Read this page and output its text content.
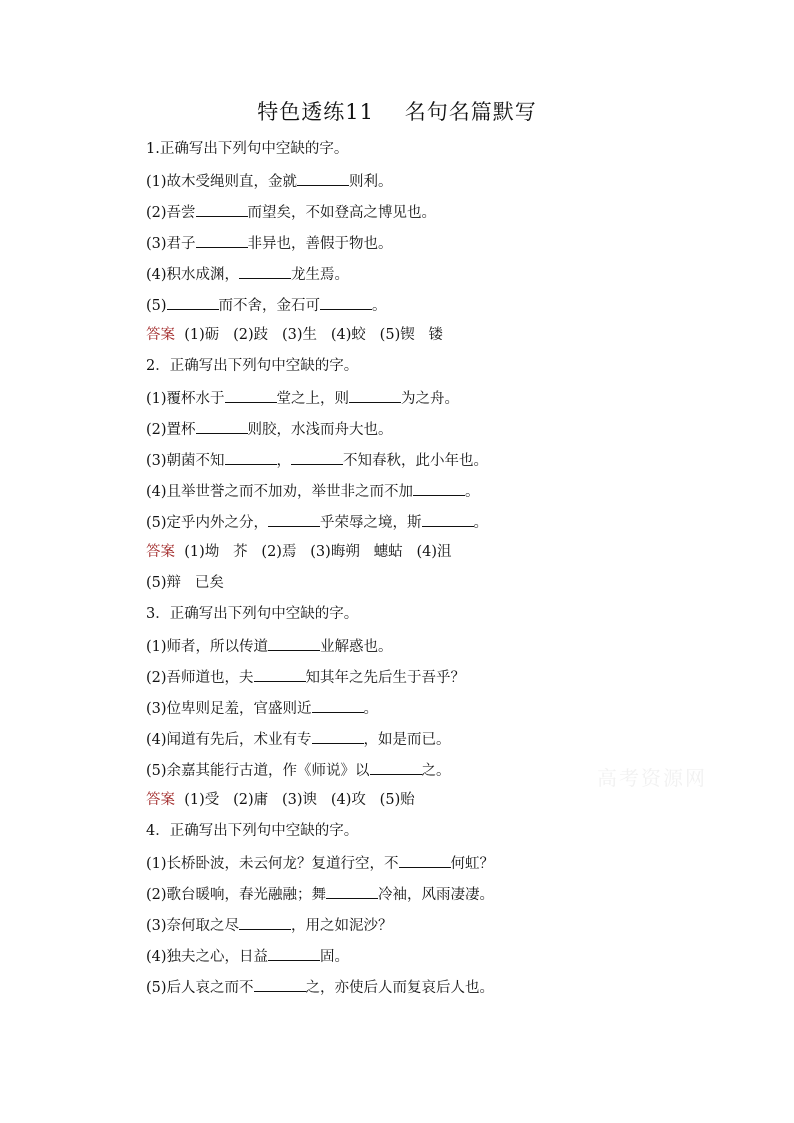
特色透练11    名句名篇默写
1.正确写出下列句中空缺的字。
(1)故木受绳则直，金就	则利。
(2)吾尝	而望矣，不如登高之博见也。
(3)君子	非异也，善假于物也。
(4)积水成渊，	龙生焉。
(5)	而不舍，金石可	。
答案  (1)砺   (2)跂   (3)生   (4)蛟   (5)锲   镂
2．正确写出下列句中空缺的字。
(1)覆杯水于	堂之上，则	为之舟。
(2)置杯	则胶，水浅而舟大也。
(3)朝菌不知	，	不知春秋，此小年也。
(4)且举世誉之而不加劝，举世非之而不加	。
(5)定乎内外之分，	乎荣辱之境，斯	。
答案  (1)坳   芥   (2)焉   (3)晦朔   蟪蛄   (4)沮
(5)辩   已矣
3．正确写出下列句中空缺的字。
(1)师者，所以传道	业解惑也。
(2)吾师道也，夫	知其年之先后生于吾乎？
(3)位卑则足羞，官盛则近	。
(4)闻道有先后，术业有专	，如是而已。
(5)余嘉其能行古道，作《师说》以	之。
答案  (1)受   (2)庸   (3)谀   (4)攻   (5)贻
4．正确写出下列句中空缺的字。
(1)长桥卧波，未云何龙？复道行空，不	何虹？
(2)歌台暖响，春光融融；舞	冷袖，风雨凄凄。
(3)奈何取之尽	，用之如泥沙？
(4)独夫之心，日益	固。
(5)后人哀之而不	之，亦使后人而复哀后人也。
高考资源网
